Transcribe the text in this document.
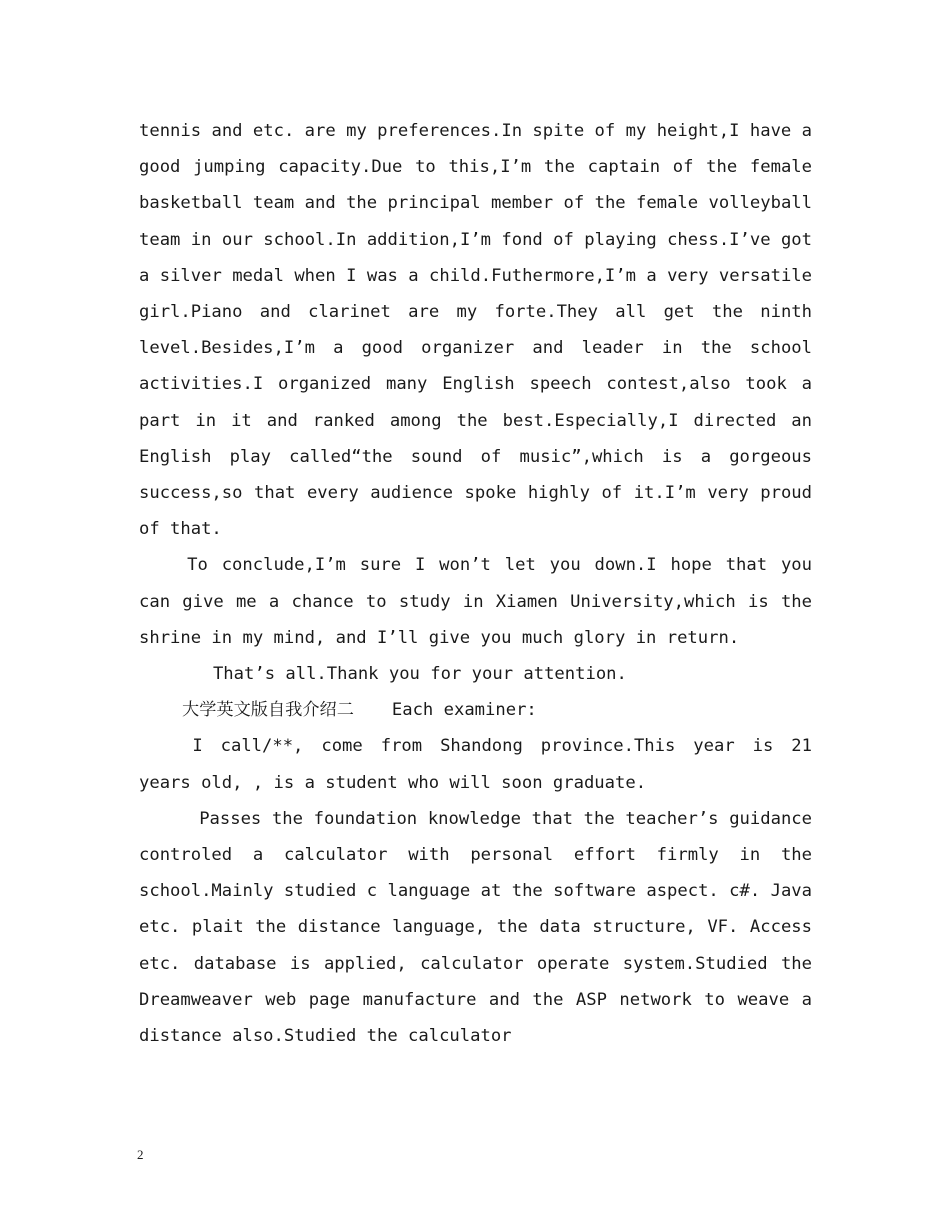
tennis and etc. are my preferences.In spite of my height,I have a good jumping capacity.Due to this,I’m the captain of the female basketball team and the principal member of the female volleyball team in our school.In addition,I’m fond of playing chess.I’ve got a silver medal when I was a child.Futhermore,I’m a very versatile girl.Piano and clarinet are my forte.They all get the ninth level.Besides,I’m a good organizer and leader in the school activities.I organized many English speech contest,also took a part in it and ranked among the best.Especially,I directed an English play called“the sound of music”,which is a gorgeous success,so that every audience spoke highly of it.I’m very proud of that.

To conclude,I’m sure I won’t let you down.I hope that you can give me a chance to study in Xiamen University,which is the shrine in my mind, and I’ll give you much glory in return.

That’s all.Thank you for your attention.

大学英文版自我介绍二 Each examiner:

I call/**, come from Shandong province.This year is 21 years old, , is a student who will soon graduate.

Passes the foundation knowledge that the teacher’s guidance controled a calculator with personal effort firmly in the school.Mainly studied c language at the software aspect. c#. Java etc. plait the distance language, the data structure, VF. Access etc. database is applied, calculator operate system.Studied the Dreamweaver web page manufacture and the ASP network to weave a distance also.Studied the calculator

2
